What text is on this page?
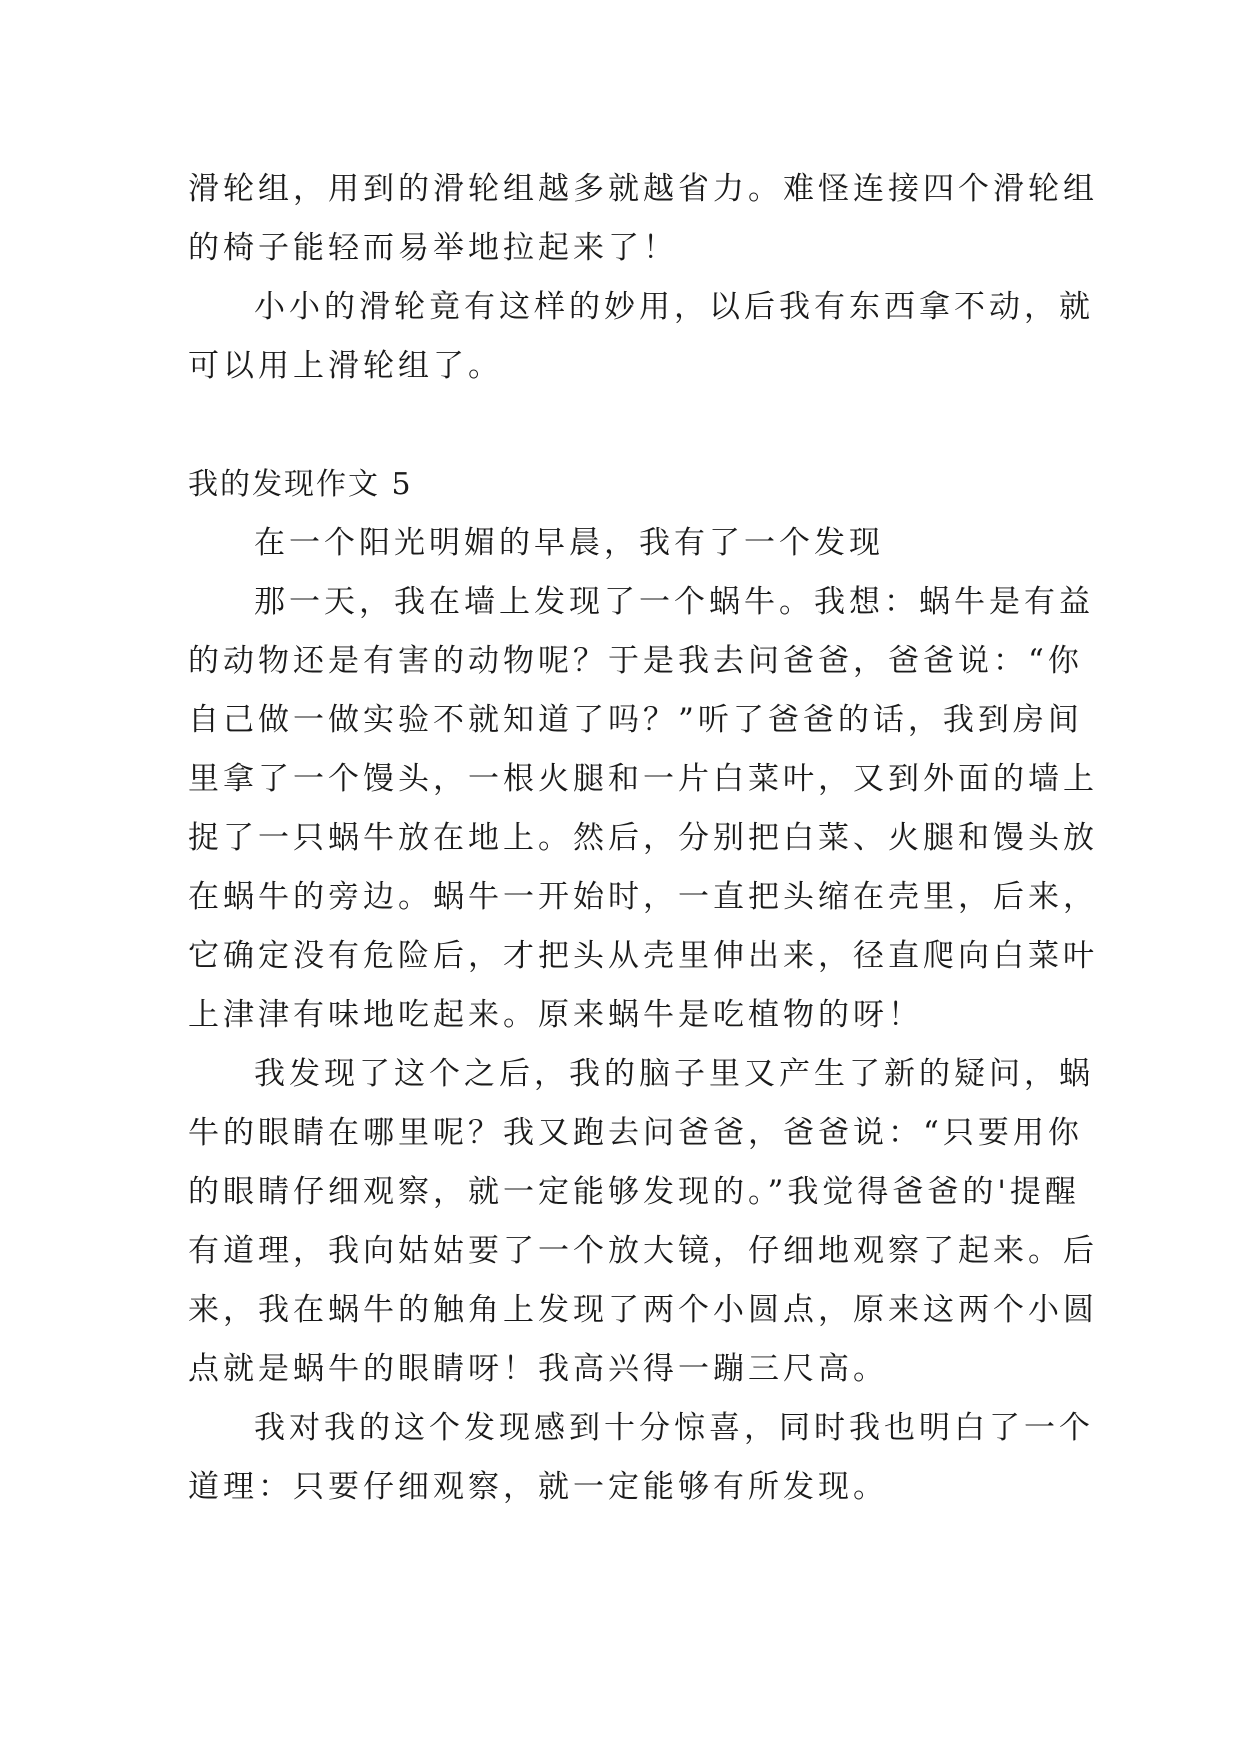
滑轮组，用到的滑轮组越多就越省力。难怪连接四个滑轮组
的椅子能轻而易举地拉起来了！
小小的滑轮竟有这样的妙用，以后我有东西拿不动，就
可以用上滑轮组了。
我的发现作文 5
在一个阳光明媚的早晨，我有了一个发现
那一天，我在墙上发现了一个蜗牛。我想：蜗牛是有益
的动物还是有害的动物呢？于是我去问爸爸，爸爸说：“你
自己做一做实验不就知道了吗？”听了爸爸的话，我到房间
里拿了一个馒头，一根火腿和一片白菜叶，又到外面的墙上
捉了一只蜗牛放在地上。然后，分别把白菜、火腿和馒头放
在蜗牛的旁边。蜗牛一开始时，一直把头缩在壳里，后来，
它确定没有危险后，才把头从壳里伸出来，径直爬向白菜叶
上津津有味地吃起来。原来蜗牛是吃植物的呀！
我发现了这个之后，我的脑子里又产生了新的疑问，蜗
牛的眼睛在哪里呢？我又跑去问爸爸，爸爸说：“只要用你
的眼睛仔细观察，就一定能够发现的。”我觉得爸爸的'提醒
有道理，我向姑姑要了一个放大镜，仔细地观察了起来。后
来，我在蜗牛的触角上发现了两个小圆点，原来这两个小圆
点就是蜗牛的眼睛呀！我高兴得一蹦三尺高。
我对我的这个发现感到十分惊喜，同时我也明白了一个
道理：只要仔细观察，就一定能够有所发现。
